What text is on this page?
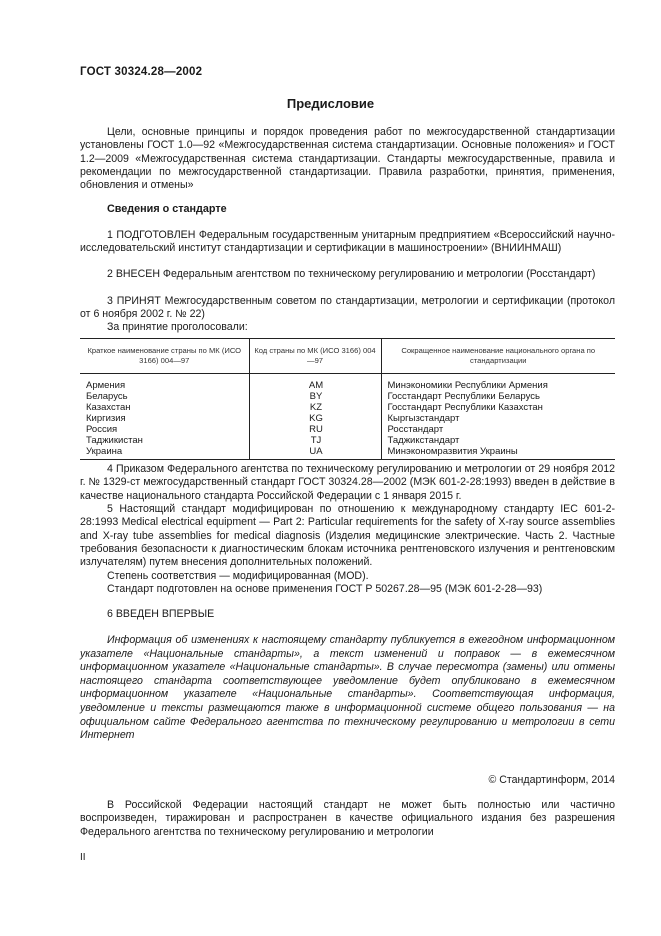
ГОСТ 30324.28—2002
Предисловие
Цели, основные принципы и порядок проведения работ по межгосударственной стандартизации установлены ГОСТ 1.0—92 «Межгосударственная система стандартизации. Основные положения» и ГОСТ 1.2—2009 «Межгосударственная система стандартизации. Стандарты межгосударственные, правила и рекомендации по межгосударственной стандартизации. Правила разработки, принятия, применения, обновления и отмены»
Сведения о стандарте
1 ПОДГОТОВЛЕН Федеральным государственным унитарным предприятием «Всероссийский научно-исследовательский институт стандартизации и сертификации в машиностроении» (ВНИИНМАШ)
2 ВНЕСЕН Федеральным агентством по техническому регулированию и метрологии (Росстандарт)
3 ПРИНЯТ Межгосударственным советом по стандартизации, метрологии и сертификации (протокол от 6 ноября 2002 г. № 22)
За принятие проголосовали:
Краткое наименование страны по МК (ИСО 3166) 004—97	Код страны по МК (ИСО 3166) 004—97	Сокращенное наименование национального органа по стандартизации
Армения	AM	Минэкономики Республики Армения
Беларусь	BY	Госстандарт Республики Беларусь
Казахстан	KZ	Госстандарт Республики Казахстан
Киргизия	KG	Кыргызстандарт
Россия	RU	Росстандарт
Таджикистан	TJ	Таджикстандарт
Украина	UA	Минэкономразвития Украины
4 Приказом Федерального агентства по техническому регулированию и метрологии от 29 ноября 2012 г. № 1329-ст межгосударственный стандарт ГОСТ 30324.28—2002 (МЭК 601-2-28:1993) введен в действие в качестве национального стандарта Российской Федерации с 1 января 2015 г.
5 Настоящий стандарт модифицирован по отношению к международному стандарту IEC 601-2-28:1993 Medical electrical equipment — Part 2: Particular requirements for the safety of X-ray source assemblies and X-ray tube assemblies for medical diagnosis (Изделия медицинские электрические. Часть 2. Частные требования безопасности к диагностическим блокам источника рентгеновского излучения и рентгеновским излучателям) путем внесения дополнительных положений.
Степень соответствия — модифицированная (MOD).
Стандарт подготовлен на основе применения ГОСТ Р 50267.28—95 (МЭК 601-2-28—93)
6 ВВЕДЕН ВПЕРВЫЕ
Информация об изменениях к настоящему стандарту публикуется в ежегодном информационном указателе «Национальные стандарты», а текст изменений и поправок — в ежемесячном информационном указателе «Национальные стандарты». В случае пересмотра (замены) или отмены настоящего стандарта соответствующее уведомление будет опубликовано в ежемесячном информационном указателе «Национальные стандарты». Соответствующая информация, уведомление и тексты размещаются также в информационной системе общего пользования — на официальном сайте Федерального агентства по техническому регулированию и метрологии в сети Интернет
© Стандартинформ, 2014
В Российской Федерации настоящий стандарт не может быть полностью или частично воспроизведен, тиражирован и распространен в качестве официального издания без разрешения Федерального агентства по техническому регулированию и метрологии
II
